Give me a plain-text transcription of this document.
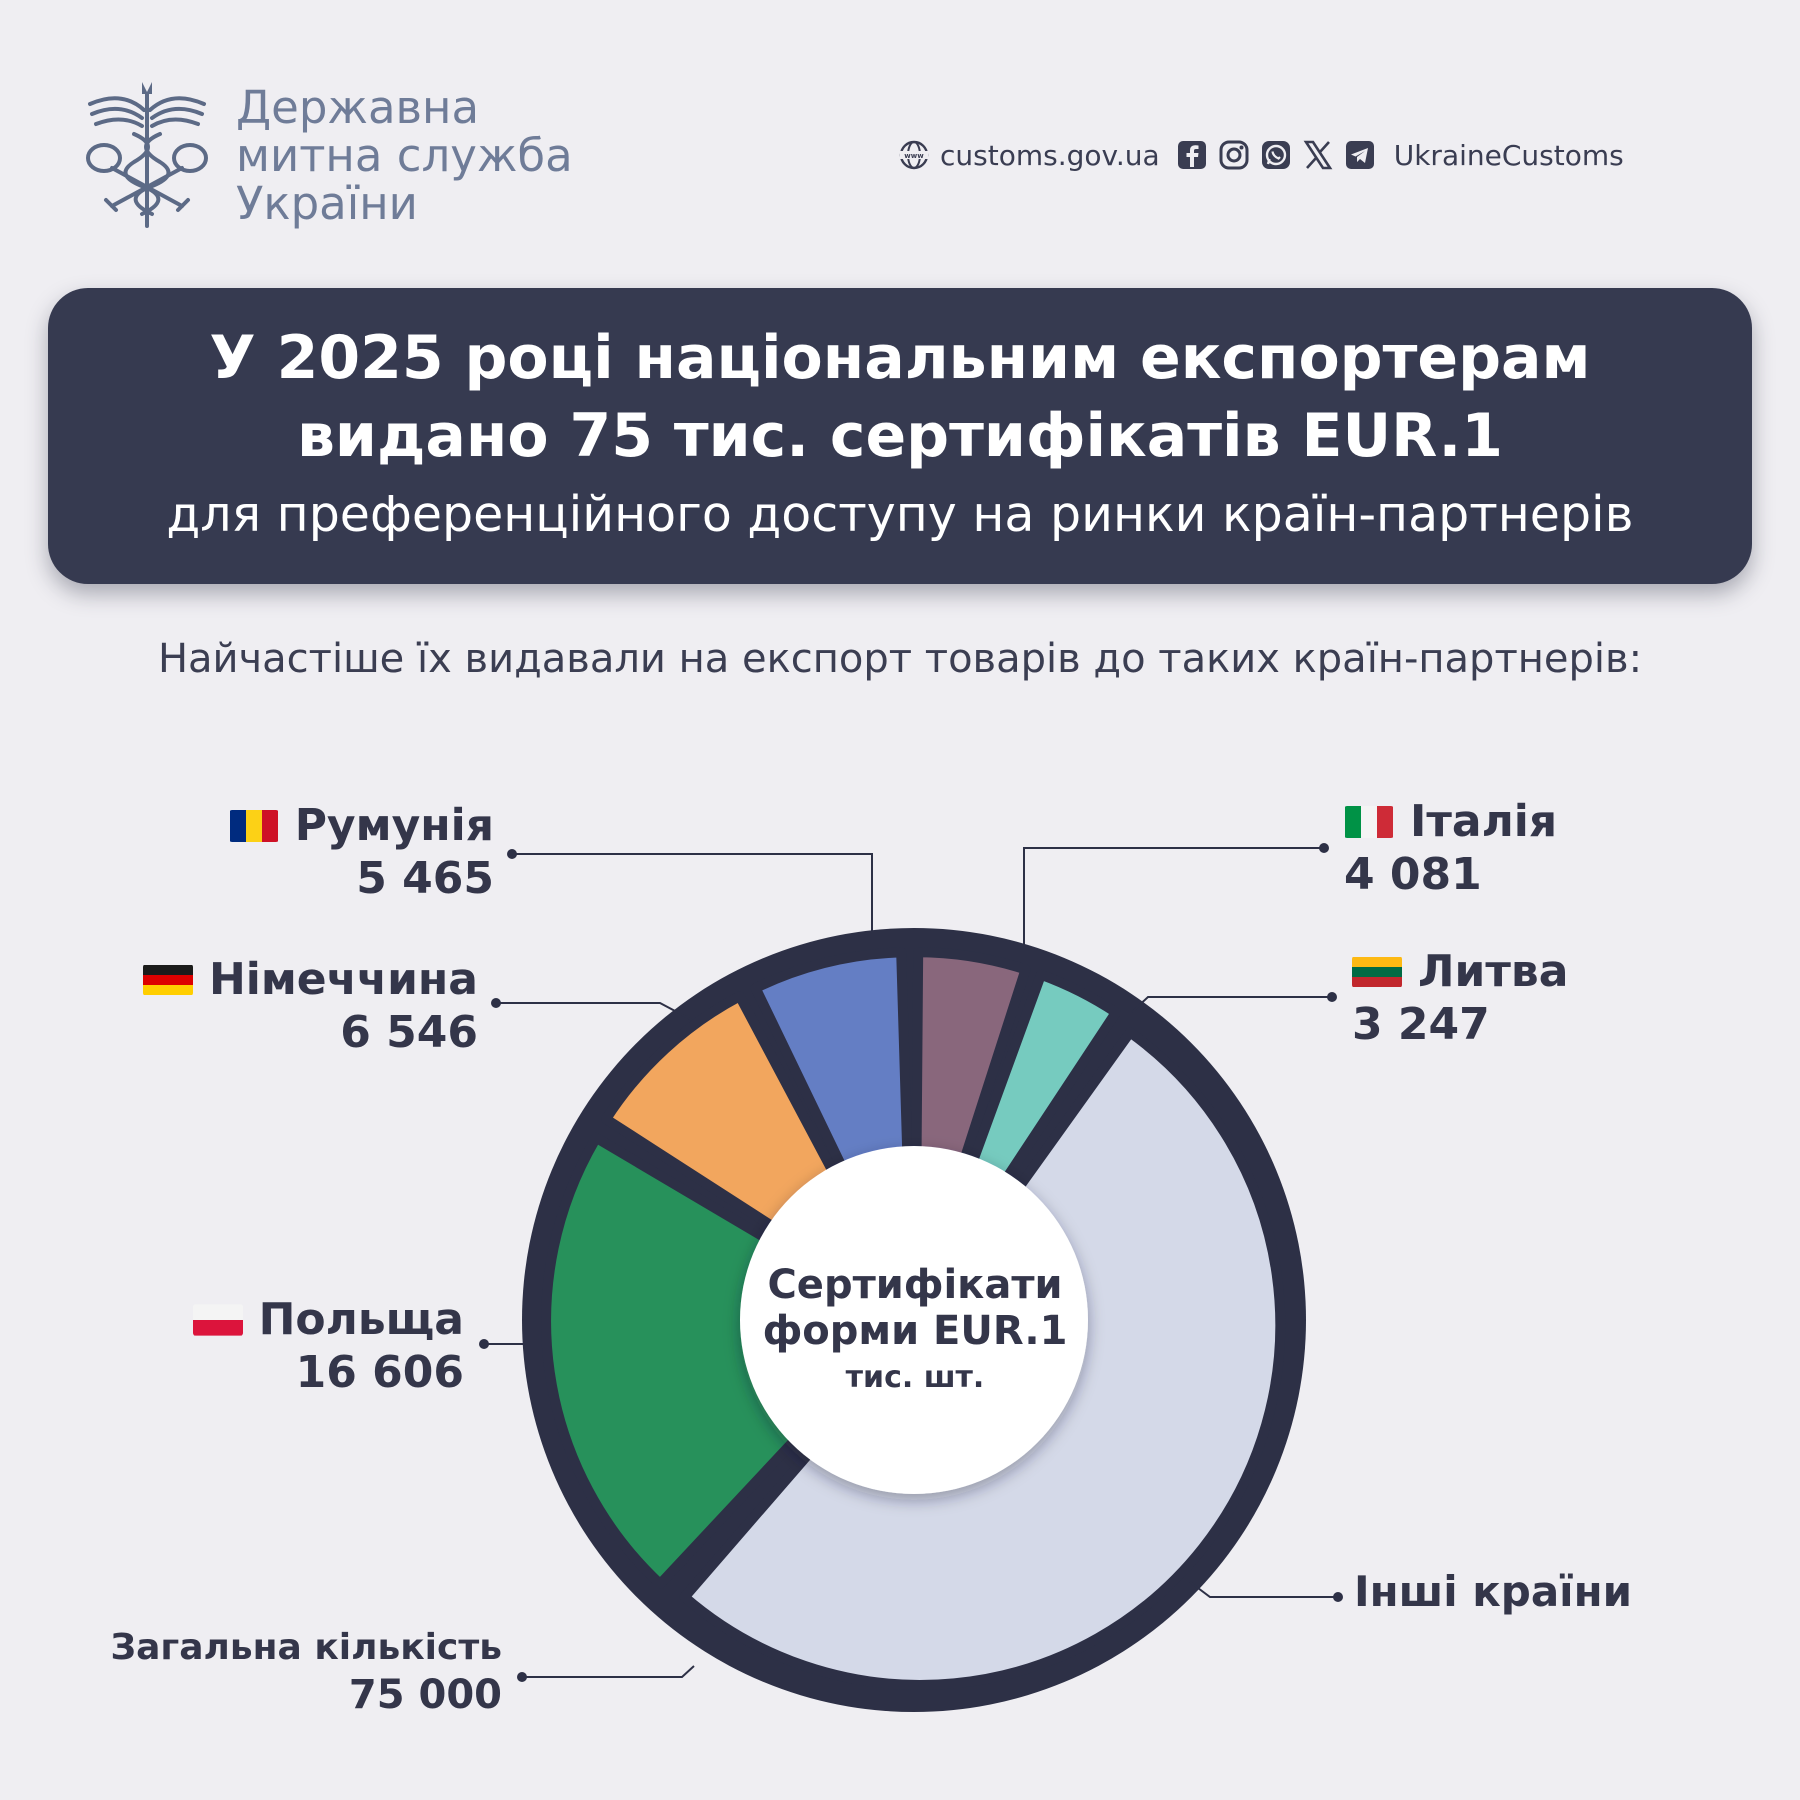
Державна
митна служба
України
www customs.gov.ua	UkraineCustoms
У 2025 році національним експортерам
видано 75 тис. сертифікатів EUR.1
для преференційного доступу на ринки країн-партнерів
Найчастіше їх видавали на експорт товарів до таких країн-партнерів:
Сертифікати
форми EUR.1
тис. шт.
Румунія
5 465
Німеччина
6 546
Польща
16 606
Італія
4 081
Литва
3 247
Інші країни
Загальна кількість
75 000
